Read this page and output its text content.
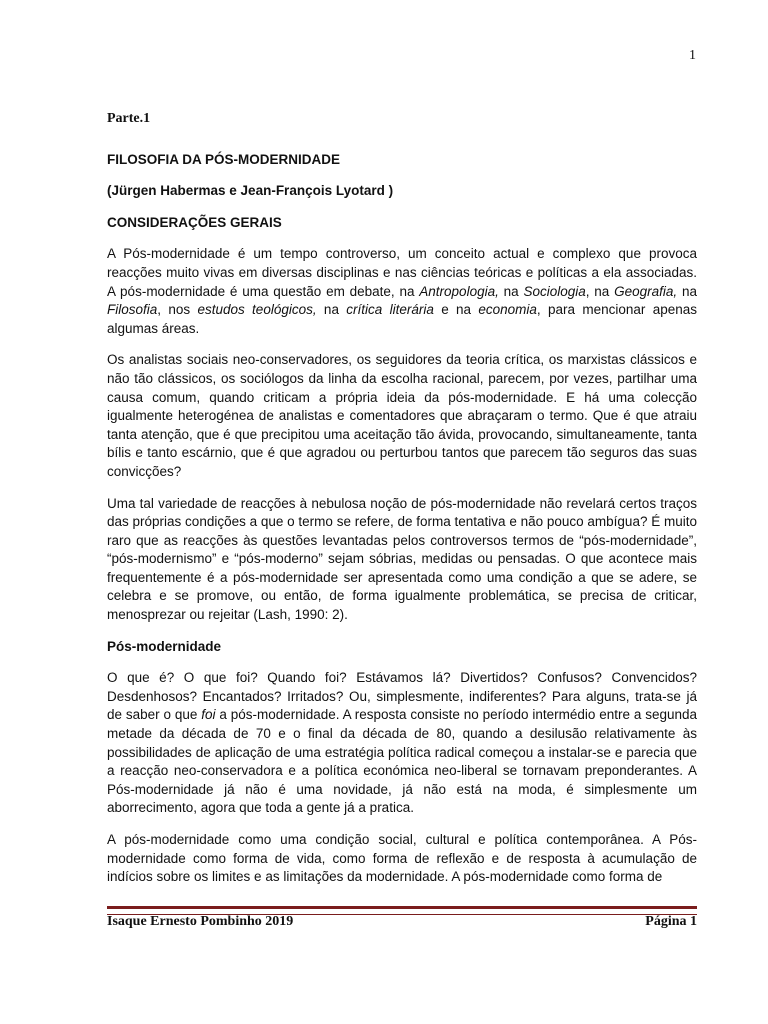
1
Parte.1
FILOSOFIA DA PÓS-MODERNIDADE
(Jürgen Habermas e Jean-François Lyotard )
CONSIDERAÇÕES GERAIS

A Pós-modernidade é um tempo controverso, um conceito actual e complexo que provoca reacções muito vivas em diversas disciplinas e nas ciências teóricas e políticas a ela associadas. A pós-modernidade é uma questão em debate, na Antropologia, na Sociologia, na Geografia, na Filosofia, nos estudos teológicos, na crítica literária e na economia, para mencionar apenas algumas áreas.

Os analistas sociais neo-conservadores, os seguidores da teoria crítica, os marxistas clássicos e não tão clássicos, os sociólogos da linha da escolha racional, parecem, por vezes, partilhar uma causa comum, quando criticam a própria ideia da pós-modernidade. E há uma colecção igualmente heterogénea de analistas e comentadores que abraçaram o termo. Que é que atraiu tanta atenção, que é que precipitou uma aceitação tão ávida, provocando, simultaneamente, tanta bílis e tanto escárnio, que é que agradou ou perturbou tantos que parecem tão seguros das suas convicções?

Uma tal variedade de reacções à nebulosa noção de pós-modernidade não revelará certos traços das próprias condições a que o termo se refere, de forma tentativa e não pouco ambígua? É muito raro que as reacções às questões levantadas pelos controversos termos de “pós-modernidade”, “pós-modernismo” e “pós-moderno” sejam sóbrias, medidas ou pensadas. O que acontece mais frequentemente é a pós-modernidade ser apresentada como uma condição a que se adere, se celebra e se promove, ou então, de forma igualmente problemática, se precisa de criticar, menosprezar ou rejeitar (Lash, 1990: 2).

Pós-modernidade

O que é? O que foi? Quando foi? Estávamos lá? Divertidos? Confusos? Convencidos? Desdenhosos? Encantados? Irritados? Ou, simplesmente, indiferentes? Para alguns, trata-se já de saber o que foi a pós-modernidade. A resposta consiste no período intermédio entre a segunda metade da década de 70 e o final da década de 80, quando a desilusão relativamente às possibilidades de aplicação de uma estratégia política radical começou a instalar-se e parecia que a reacção neo-conservadora e a política económica neo-liberal se tornavam preponderantes. A Pós-modernidade já não é uma novidade, já não está na moda, é simplesmente um aborrecimento, agora que toda a gente já a pratica.

A pós-modernidade como uma condição social, cultural e política contemporânea. A Pós-modernidade como forma de vida, como forma de reflexão e de resposta à acumulação de indícios sobre os limites e as limitações da modernidade. A pós-modernidade como forma de

Isaque Ernesto Pombinho 2019	Página 1
